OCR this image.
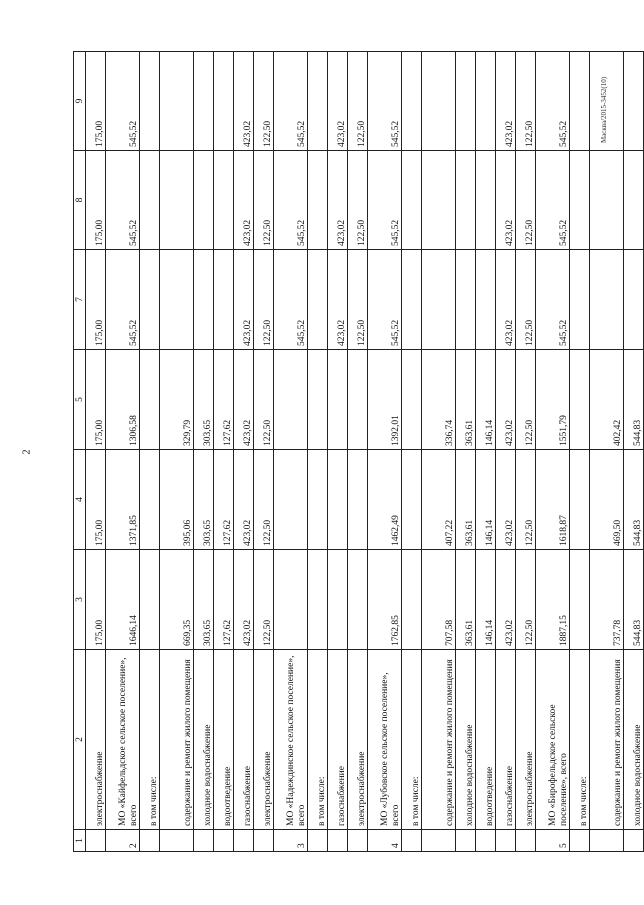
2
Масква/2015-3452(10)
1	2	3	4	5	7	8	9
	электроснабжение	175,00	175,00	175,00	175,00	175,00	175,00
2	МО «Кайфельдское сельское поселение», всего	1646,14	1371,85	1306,58	545,52	545,52	545,52
	в том числе:						
	содержание и ремонт жилого помещения	669,35	395,06	329,79			
	холодное водоснабжение	303,65	303,65	303,65			
	водоотведение	127,62	127,62	127,62			
	газоснабжение	423,02	423,02	423,02	423,02	423,02	423,02
	электроснабжение	122,50	122,50	122,50	122,50	122,50	122,50
3	МО «Надеждинское сельское поселение», всего				545,52	545,52	545,52
	в том числе:						
	газоснабжение				423,02	423,02	423,02
	электроснабжение				122,50	122,50	122,50
4	МО «Лубовское сельское поселение», всего	1762,85	1462,49	1392,01	545,52	545,52	545,52
	в том числе:						
	содержание и ремонт жилого помещения	707,58	407,22	336,74			
	холодное водоснабжение	363,61	363,61	363,61			
	водоотведение	146,14	146,14	146,14			
	газоснабжение	423,02	423,02	423,02	423,02	423,02	423,02
	электроснабжение	122,50	122,50	122,50	122,50	122,50	122,50
5	МО «Бирофельдское сельское поселение», всего	1887,15	1618,87	1551,79	545,52	545,52	545,52
	в том числе:						
	содержание и ремонт жилого помещения	737,78	469,50	402,42			
	холодное водоснабжение	544,83	544,83	544,83			
